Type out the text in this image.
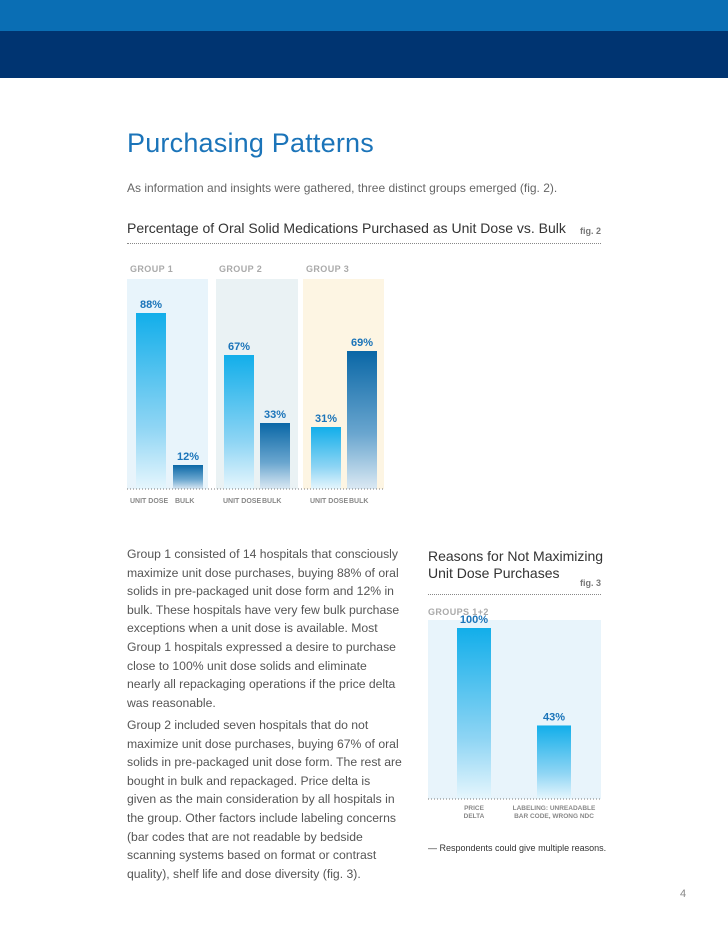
Purchasing Patterns
As information and insights were gathered, three distinct groups emerged (fig. 2).
Percentage of Oral Solid Medications Purchased as Unit Dose vs. Bulk fig. 2
GROUP 1	GROUP 2	GROUP 3
88%
12%
67%
33%	31%
69%
UNIT DOSE BULK	UNIT DOSE BULK	UNIT DOSE BULK

Group 1 consisted of 14 hospitals that consciously maximize unit dose purchases, buying 88% of oral solids in pre-packaged unit dose form and 12% in bulk. These hospitals have very few bulk purchase exceptions when a unit dose is available. Most Group 1 hospitals expressed a desire to purchase close to 100% unit dose solids and eliminate nearly all repackaging operations if the price delta was reasonable.

Group 2 included seven hospitals that do not maximize unit dose purchases, buying 67% of oral solids in pre-packaged unit dose form. The rest are bought in bulk and repackaged. Price delta is given as the main consideration by all hospitals in the group. Other factors include labeling concerns (bar codes that are not readable by bedside scanning systems based on format or contrast quality), shelf life and dose diversity (fig. 3).

Reasons for Not Maximizing
Unit Dose Purchases
fig. 3
GROUPS 1+2
100%
43%
PRICE
DELTA
LABELING: UNREADABLE
BAR CODE, WRONG NDC
— Respondents could give multiple reasons.
4
